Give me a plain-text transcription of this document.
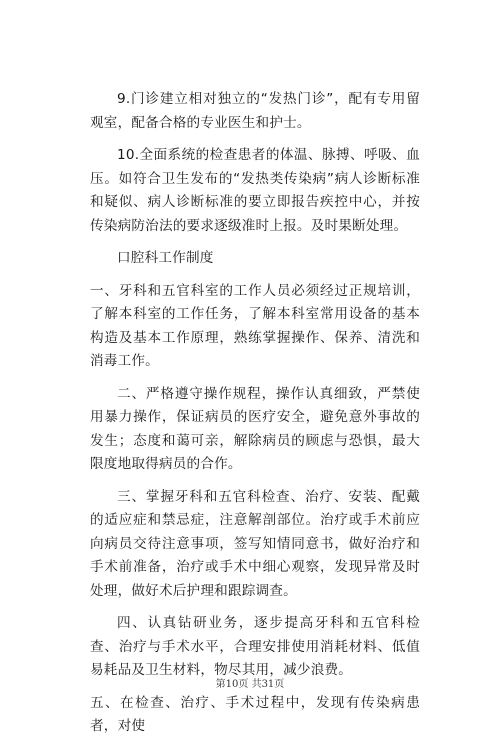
9.门诊建立相对独立的“发热门诊”，配有专用留观室，配备合格的专业医生和护士。

10.全面系统的检查患者的体温、脉搏、呼吸、血压。如符合卫生发布的“发热类传染病”病人诊断标准和疑似、病人诊断标准的要立即报告疾控中心，并按传染病防治法的要求逐级准时上报。及时果断处理。

口腔科工作制度

一、牙科和五官科室的工作人员必须经过正规培训，了解本科室的工作任务，了解本科室常用设备的基本构造及基本工作原理，熟练掌握操作、保养、清洗和消毒工作。

二、严格遵守操作规程，操作认真细致，严禁使用暴力操作，保证病员的医疗安全，避免意外事故的发生；态度和蔼可亲，解除病员的顾虑与恐惧，最大限度地取得病员的合作。

三、掌握牙科和五官科检查、治疗、安装、配戴的适应症和禁忌症，注意解剖部位。治疗或手术前应向病员交待注意事项，签写知情同意书，做好治疗和手术前准备，治疗或手术中细心观察，发现异常及时处理，做好术后护理和跟踪调查。

四、认真钻研业务，逐步提高牙科和五官科检查、治疗与手术水平，合理安排使用消耗材料、低值易耗品及卫生材料，物尽其用，减少浪费。

五、在检查、治疗、手术过程中，发现有传染病患者，对使

第10页 共31页
